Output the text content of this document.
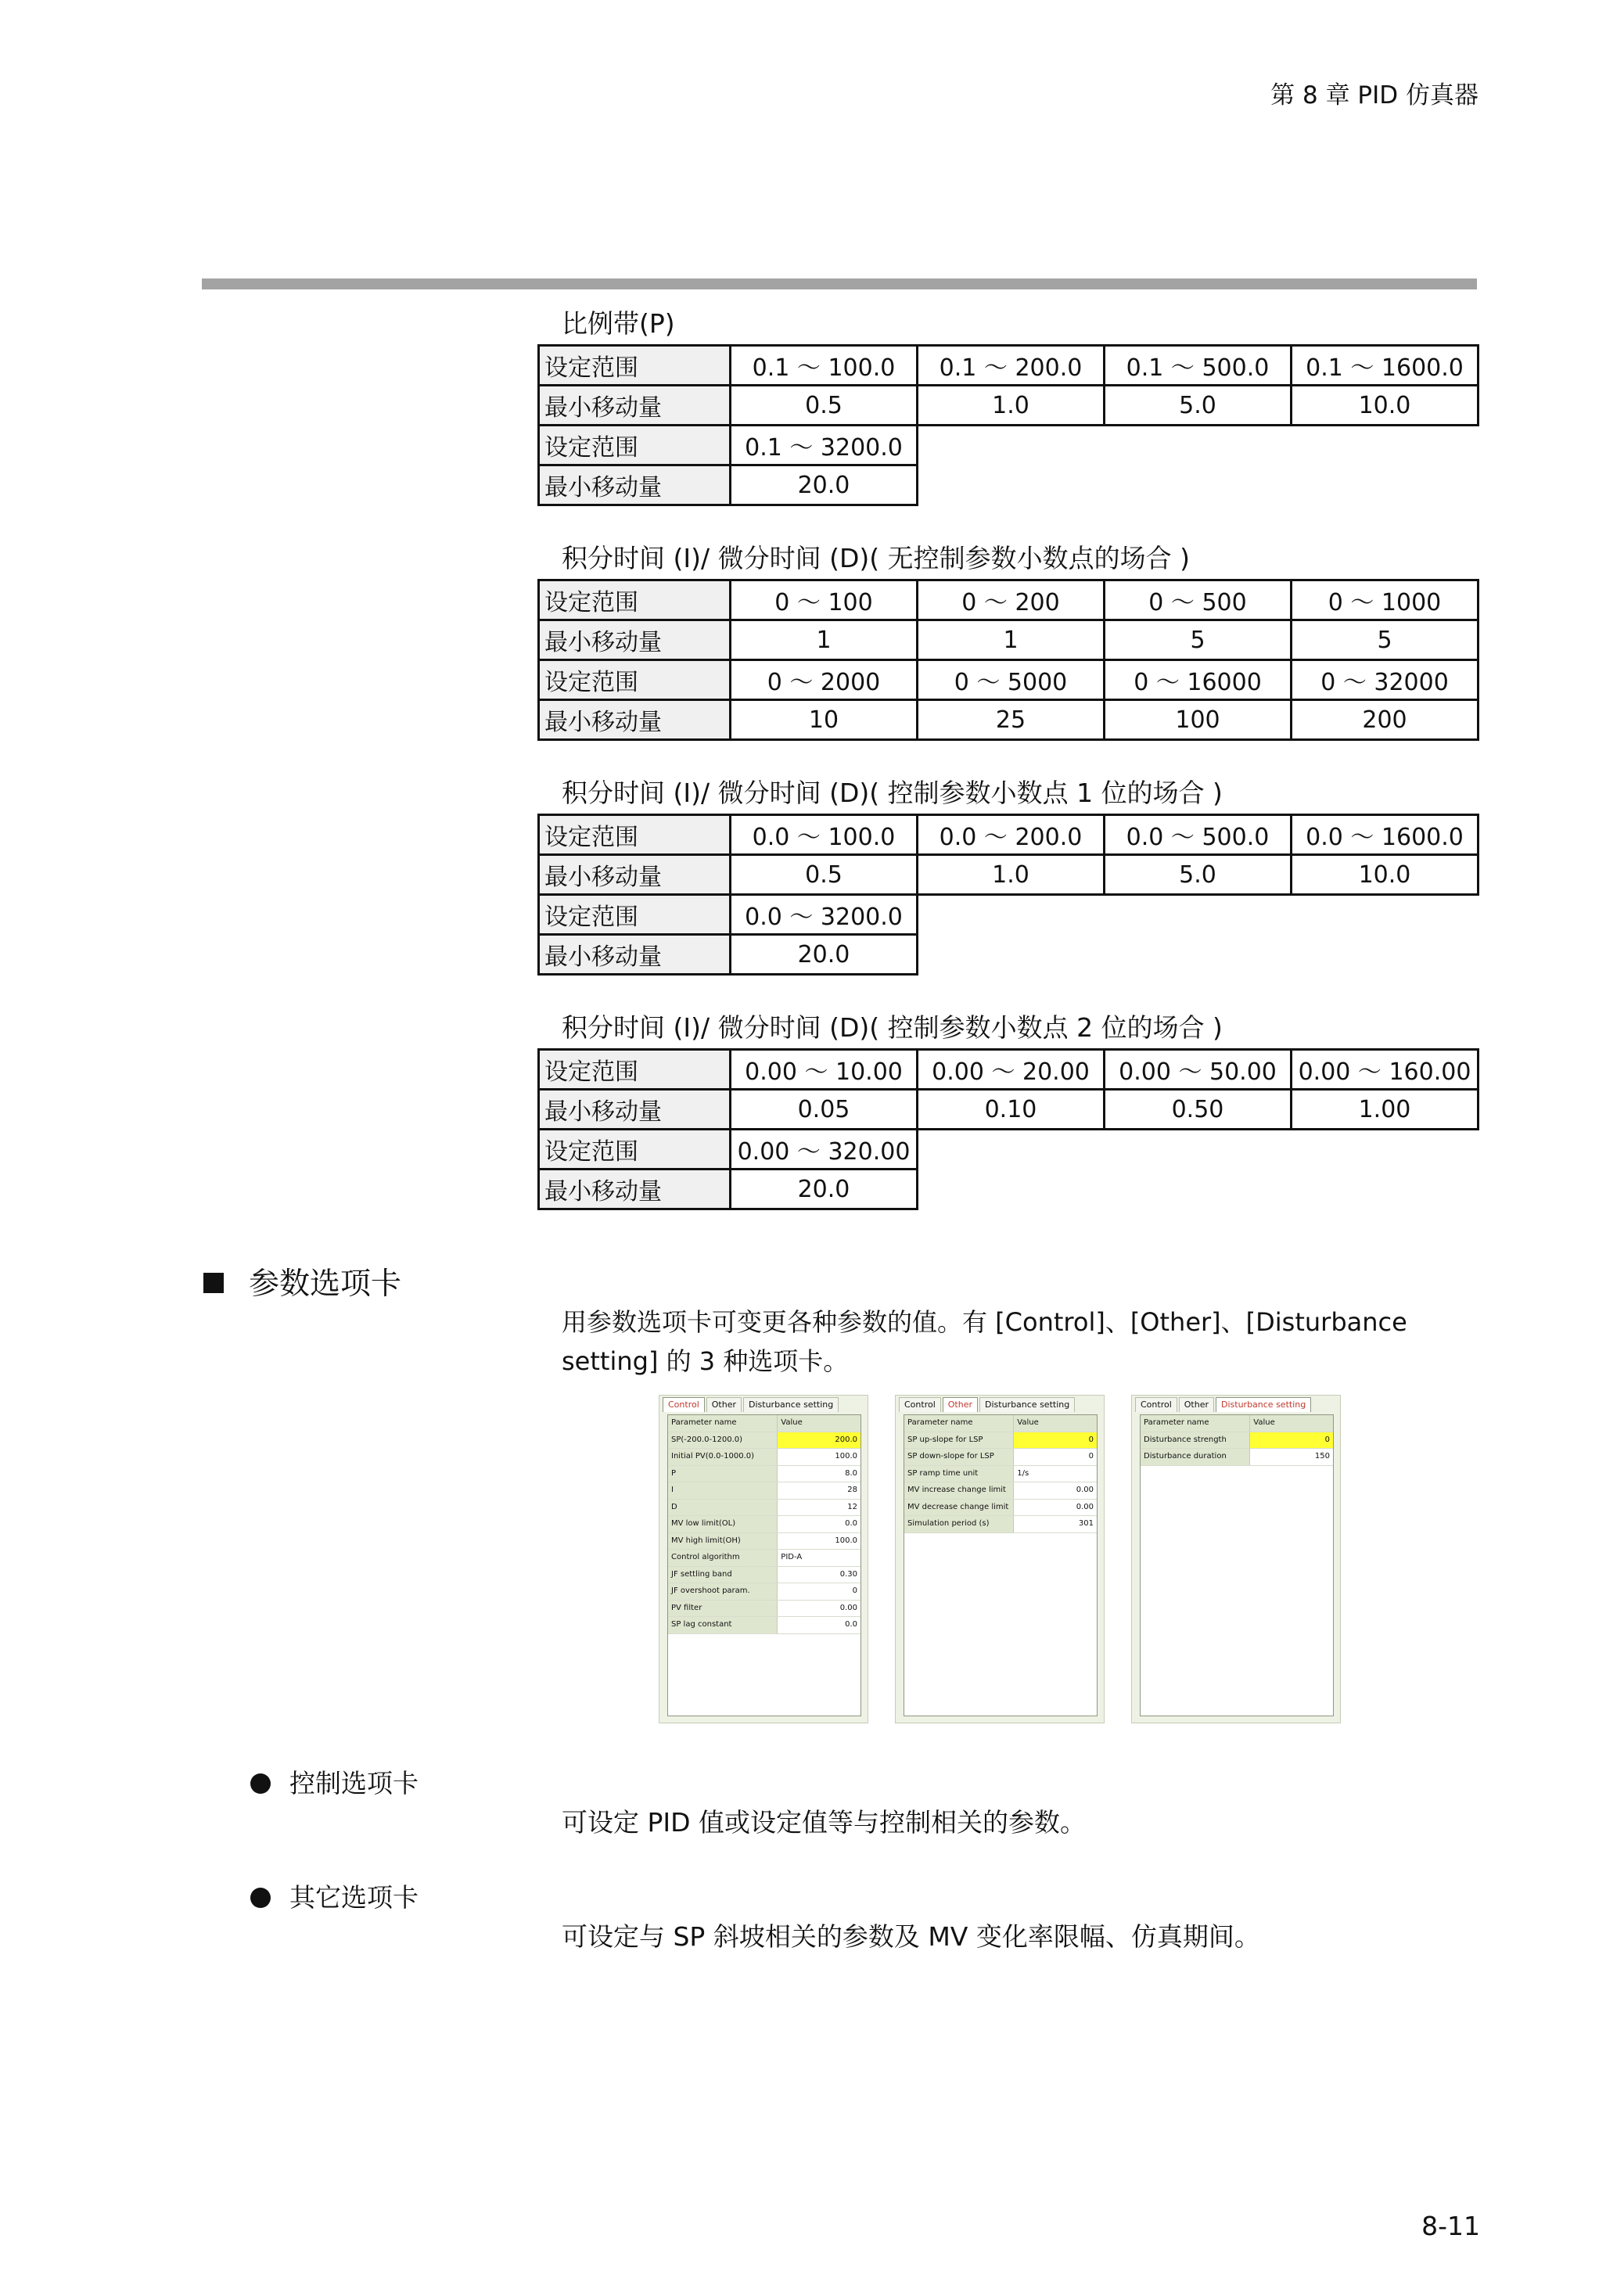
第 8 章 PID 仿真器
比例带(P)
设定范围	0.1 ～ 100.0	0.1 ～ 200.0	0.1 ～ 500.0	0.1 ～ 1600.0
最小移动量	0.5	1.0	5.0	10.0
设定范围	0.1 ～ 3200.0			
最小移动量	20.0			
积分时间 (I)/ 微分时间 (D)( 无控制参数小数点的场合 )
设定范围	0 ～ 100	0 ～ 200	0 ～ 500	0 ～ 1000
最小移动量	1	1	5	5
设定范围	0 ～ 2000	0 ～ 5000	0 ～ 16000	0 ～ 32000
最小移动量	10	25	100	200
积分时间 (I)/ 微分时间 (D)( 控制参数小数点 1 位的场合 )
设定范围	0.0 ～ 100.0	0.0 ～ 200.0	0.0 ～ 500.0	0.0 ～ 1600.0
最小移动量	0.5	1.0	5.0	10.0
设定范围	0.0 ～ 3200.0			
最小移动量	20.0			
积分时间 (I)/ 微分时间 (D)( 控制参数小数点 2 位的场合 )
设定范围	0.00 ～ 10.00	0.00 ～ 20.00	0.00 ～ 50.00	0.00 ～ 160.00
最小移动量	0.05	0.10	0.50	1.00
设定范围	0.00 ～ 320.00			
最小移动量	20.0			
参数选项卡
用参数选项卡可变更各种参数的值。有 [Control]、[Other]、[Disturbance setting] 的 3 种选项卡。
Control	Other	Disturbance setting
Parameter name	Value
SP(-200.0-1200.0)	200.0
Initial PV(0.0-1000.0)	100.0
P	8.0
I	28
D	12
MV low limit(OL)	0.0
MV high limit(OH)	100.0
Control algorithm	PID-A
JF settling band	0.30
JF overshoot param.	0
PV filter	0.00
SP lag constant	0.0
Control	Other	Disturbance setting
Parameter name	Value
SP up-slope for LSP	0
SP down-slope for LSP	0
SP ramp time unit	1/s
MV increase change limit	0.00
MV decrease change limit	0.00
Simulation period (s)	301
Control	Other	Disturbance setting
Parameter name	Value
Disturbance strength	0
Disturbance duration	150
控制选项卡
可设定 PID 值或设定值等与控制相关的参数。
其它选项卡
可设定与 SP 斜坡相关的参数及 MV 变化率限幅、仿真期间。
8-11
